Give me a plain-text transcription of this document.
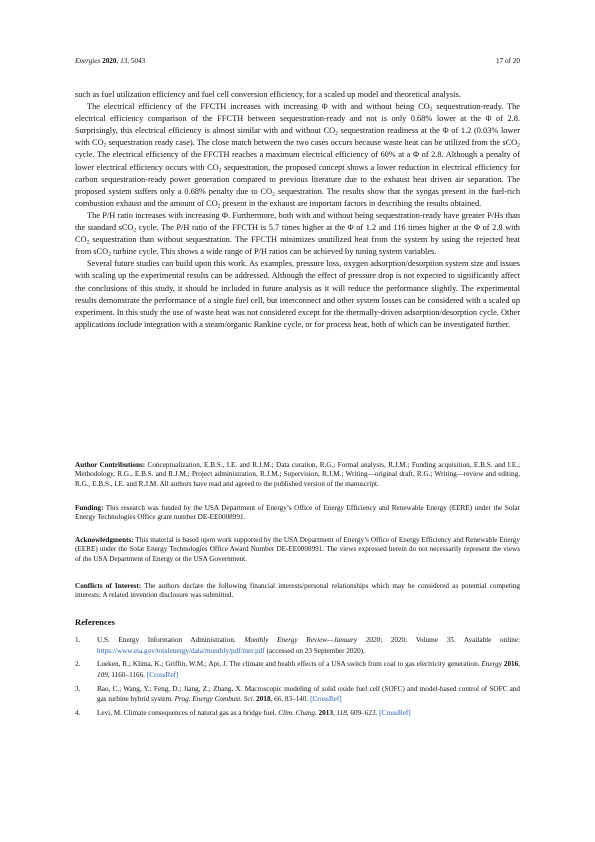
Energies 2020, 13, 5043	17 of 20

such as fuel utilization efficiency and fuel cell conversion efficiency, for a scaled up model and theoretical analysis.

The electrical efficiency of the FFCTH increases with increasing Φ with and without being $CO_2$ sequestration-ready. The electrical efficiency comparison of the FFCTH between sequestration-ready and not is only 0.68% lower at the Φ of 2.8. Surprisingly, this electrical efficiency is almost similar with and without $CO_2$ sequestration readiness at the Φ of 1.2 (0.03% lower with $CO_2$ sequestration ready case). The close match between the two cases occurs because waste heat can be utilized from the sCO$_2$ cycle. The electrical efficiency of the FFCTH reaches a maximum electrical efficiency of 60% at a Φ of 2.8. Although a penalty of lower electrical efficiency occurs with $CO_2$ sequestration, the proposed concept shows a lower reduction in electrical efficiency for carbon sequestration-ready power generation compared to previous literature due to the exhaust heat driven air separation. The proposed system suffers only a 0.68% penalty due to $CO_2$ sequestration. The results show that the syngas present in the fuel-rich combustion exhaust and the amount of $CO_2$ present in the exhaust are important factors in describing the results obtained.

The P/H ratio increases with increasing Φ. Furthermore, both with and without being sequestration-ready have greater P/Hs than the standard sCO$_2$ cycle. The P/H ratio of the FFCTH is 5.7 times higher at the Φ of 1.2 and 116 times higher at the Φ of 2.8 with $CO_2$ sequestration than without sequestration. The FFCTH minimizes unutilized heat from the system by using the rejected heat from sCO$_2$ turbine cycle. This shows a wide range of P/H ratios can be achieved by tuning system variables.

Several future studies can build upon this work. As examples, pressure loss, oxygen adsorption/desorption system size and issues with scaling up the experimental results can be addressed. Although the effect of pressure drop is not expected to significantly affect the conclusions of this study, it should be included in future analysis as it will reduce the performance slightly. The experimental results demonstrate the performance of a single fuel cell, but interconnect and other system losses can be considered with a scaled up experiment. In this study the use of waste heat was not considered except for the thermally-driven adsorption/desorption cycle. Other applications include integration with a steam/organic Rankine cycle, or for process heat, both of which can be investigated further.

Author Contributions: Conceptualization, E.B.S., I.E. and R.J.M.; Data curation, R.G.; Formal analysis, R.J.M.; Funding acquisition, E.B.S. and I.E.; Methodology, R.G., E.B.S. and R.J.M.; Project administration, R.J.M.; Supervision, R.J.M.; Writing—original draft, R.G.; Writing—review and editing, R.G., E.B.S., I.E. and R.J.M. All authors have read and agreed to the published version of the manuscript.

Funding: This research was funded by the USA Department of Energy’s Office of Energy Efficiency and Renewable Energy (EERE) under the Solar Energy Technologies Office grant number DE-EE0008991.

Acknowledgments: This material is based upon work supported by the USA Department of Energy’s Office of Energy Efficiency and Renewable Energy (EERE) under the Solar Energy Technologies Office Award Number DE-EE0008991. The views expressed herein do not necessarily represent the views of the USA Department of Energy or the USA Government.

Conflicts of Interest: The authors declare the following financial interests/personal relationships which may be considered as potential competing interests: A related invention disclosure was submitted.

References
1. U.S. Energy Information Administration. Monthly Energy Review—January 2020; 2020; Volume 35. Available online: https://www.eia.gov/totalenergy/data/monthly/pdf/mer.pdf (accessed on 23 September 2020).
2. Lueken, R.; Klima, K.; Griffin, W.M.; Apt, J. The climate and health effects of a USA switch from coal to gas electricity generation. Energy 2016, 109, 1160–1166. [CrossRef]
3. Bao, C.; Wang, Y.; Feng, D.; Jiang, Z.; Zhang, X. Macroscopic modeling of solid oxide fuel cell (SOFC) and model-based control of SOFC and gas turbine hybrid system. Prog. Energy Combust. Sci. 2018, 66, 83–140. [CrossRef]
4. Levi, M. Climate consequences of natural gas as a bridge fuel. Clim. Chang. 2013, 118, 609–623. [CrossRef]
